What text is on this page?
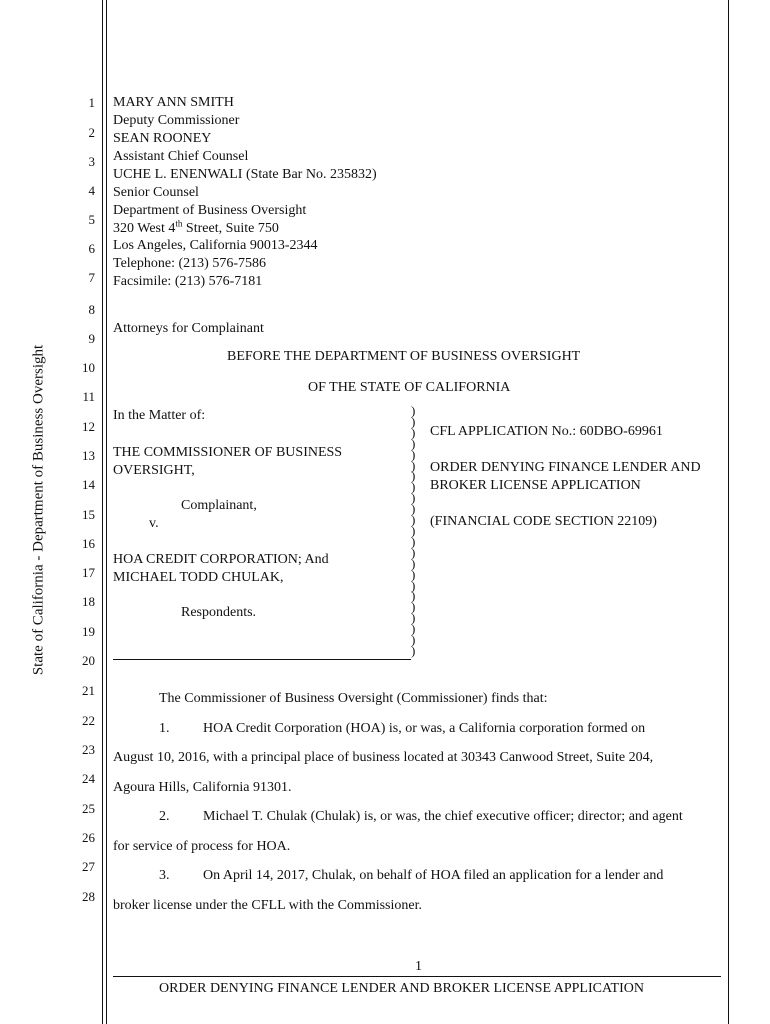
State of California - Department of Business Oversight
1
2
3
4
5
6
7
8
9
10
11
12
13
14
15
16
17
18
19
20
21
22
23
24
25
26
27
28
MARY ANN SMITH
Deputy Commissioner
SEAN ROONEY
Assistant Chief Counsel
UCHE L. ENENWALI (State Bar No. 235832)
Senior Counsel
Department of Business Oversight
320 West 4th Street, Suite 750
Los Angeles, California 90013-2344
Telephone: (213) 576-7586
Facsimile: (213) 576-7181
Attorneys for Complainant
BEFORE THE DEPARTMENT OF BUSINESS OVERSIGHT
OF THE STATE OF CALIFORNIA
In the Matter of:
THE COMMISSIONER OF BUSINESS
OVERSIGHT,
Complainant,
v.
HOA CREDIT CORPORATION; And
MICHAEL TODD CHULAK,
Respondents.
)
)
)
)
)
)
)
)
)
)
)
)
)
)
)
)
)
)
)
)
)
)
)
CFL APPLICATION No.: 60DBO-69961
ORDER DENYING FINANCE LENDER AND
BROKER LICENSE APPLICATION
(FINANCIAL CODE SECTION 22109)
The Commissioner of Business Oversight (Commissioner) finds that:
1. HOA Credit Corporation (HOA) is, or was, a California corporation formed on
August 10, 2016, with a principal place of business located at 30343 Canwood Street, Suite 204,
Agoura Hills, California 91301.
2. Michael T. Chulak (Chulak) is, or was, the chief executive officer; director; and agent
for service of process for HOA.
3. On April 14, 2017, Chulak, on behalf of HOA filed an application for a lender and
broker license under the CFLL with the Commissioner.
1
ORDER DENYING FINANCE LENDER AND BROKER LICENSE APPLICATION
